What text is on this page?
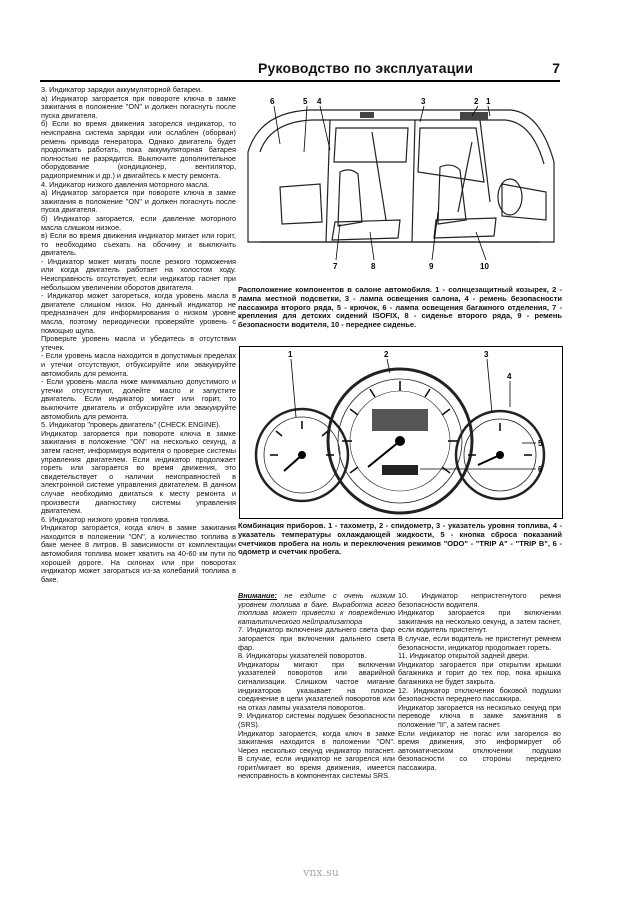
Руководство по эксплуатации	7

3. Индикатор зарядки аккумуляторной батареи.

а) Индикатор загорается при повороте ключа в замке зажигания в положение "ON" и должен погаснуть после пуска двигателя.

б) Если во время движения загорелся индикатор, то неисправна система зарядки или ослаблен (оборван) ремень привода генератора. Однако двигатель будет продолжать работать, пока аккумуляторная батарея полностью не разрядится. Выключите дополнительное оборудование (кондиционер, вентилятор, радиоприемник и др.) и двигайтесь к месту ремонта.

4. Индикатор низкого давления моторного масла.

а) Индикатор загорается при повороте ключа в замке зажигания в положение "ON" и должен погаснуть после пуска двигателя.

б) Индикатор загорается, если давление моторного масла слишком низкое.

в) Если во время движения индикатор мигает или горит, то необходимо съехать на обочину и выключить двигатель.

- Индикатор может мигать после резкого торможения или когда двигатель работает на холостом ходу. Неисправность отсутствует, если индикатор гаснет при небольшом увеличении оборотов двигателя.

- Индикатор может загореться, когда уровень масла в двигателе слишком низок. Но данный индикатор не предназначен для информирования о низком уровне масла, поэтому периодически проверяйте уровень с помощью щупа.

Проверьте уровень масла и убедитесь в отсутствии утечек.

- Если уровень масла находится в допустимых пределах и утечки отсутствуют, отбуксируйте или эвакуируйте автомобиль для ремонта.

- Если уровень масла ниже минимально допустимого и утечки отсутствуют, долейте масло и запустите двигатель. Если индикатор мигает или горит, то выключите двигатель и отбуксируйте или эвакуируйте автомобиль для ремонта.

5. Индикатор "проверь двигатель" (CHECK ENGINE).

Индикатор загорается при повороте ключа в замке зажигания в положение "ON" на несколько секунд, а затем гаснет, информируя водителя о проверке системы управления двигателем. Если индикатор продолжает гореть или загорается во время движения, это свидетельствует о наличии неисправностей в электронной системе управления двигателем. В данном случае необходимо двигаться к месту ремонта и произвести диагностику системы управления двигателем.

6. Индикатор низкого уровня топлива.

Индикатор загорается, когда ключ в замке зажигания находится в положении "ON", а количество топлива в баке менее 8 литров. В зависимости от комплектации автомобиля топлива может хватить на 40-60 км пути по хорошей дороге. На склонах или при поворотах индикатор может загораться из-за колебаний топлива в баке.

6	5 4	3	2 1
7	8	9	10
Расположение компонентов в салоне автомобиля. 1 - солнцезащитный козырек, 2 - лампа местной подсветки, 3 - лампа освещения салона, 4 - ремень безопасности пассажира второго ряда, 5 - крючок, 6 - лампа освещения багажного отделения, 7 - крепления для детских сидений ISOFIX, 8 - сиденье второго ряда, 9 - ремень безопасности водителя, 10 - переднее сиденье.
1	2	3
4
5
6
Комбинация приборов. 1 - тахометр, 2 - спидометр, 3 - указатель уровня топлива, 4 - указатель температуры охлаждающей жидкости, 5 - кнопка сброса показаний счетчиков пробега на ноль и переключения режимов "ODO" - "TRIP A" - "TRIP B", 6 - одометр и счетчик пробега.

Внимание: не ездите с очень низким уровнем топлива в баке. Выработка всего топлива может привести к повреждению каталитического нейтрализатора

7. Индикатор включения дальнего света фар загорается при включении дальнего света фар.

8. Индикаторы указателей поворотов.

Индикаторы мигают при включении указателей поворотов или аварийной сигнализации. Слишком частое мигание индикаторов указывает на плохое соединение в цепи указателей поворотов или на отказ лампы указателя поворотов.

9. Индикатор системы подушек безопасности (SRS).

Индикатор загорается, когда ключ в замке зажигания находится в положении "ON". Через несколько секунд индикатор погаснет. В случае, если индикатор не загорелся или горит/мигает во время движения, имеется неисправность в компонентах системы SRS.

10. Индикатор непристегнутого ремня безопасности водителя.

Индикатор загорается при включении зажигания на несколько секунд, а затем гаснет, если водитель пристегнут.

В случае, если водитель не пристегнут ремнем безопасности, индикатор продолжает гореть.

11. Индикатор открытой задней двери.

Индикатор загорается при открытии крышки багажника и горит до тех пор, пока крышка багажника не будет закрыта.

12. Индикатор отключения боковой подушки безопасности переднего пассажира.

Индикатор загорается на несколько секунд при переводе ключа в замке зажигания в положение "II", а затем гаснет.

Если индикатор не погас или загорелся во время движения, это информирует об автоматическом отключении подушки безопасности со стороны переднего пассажира.

vnx.su
